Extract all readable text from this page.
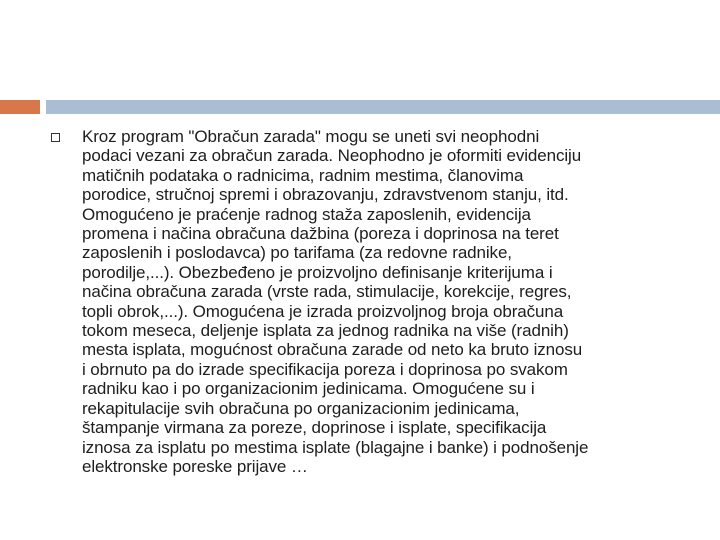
Kroz program "Obračun zarada" mogu se uneti svi neophodni
podaci vezani za obračun zarada. Neophodno je oformiti evidenciju
matičnih podataka o radnicima, radnim mestima, članovima
porodice, stručnoj spremi i obrazovanju, zdravstvenom stanju, itd.
Omogućeno je praćenje radnog staža zaposlenih, evidencija
promena i načina obračuna dažbina (poreza i doprinosa na teret
zaposlenih i poslodavca) po tarifama (za redovne radnike,
porodilje,...). Obezbeđeno je proizvoljno definisanje kriterijuma i
načina obračuna zarada (vrste rada, stimulacije, korekcije, regres,
topli obrok,...). Omogućena je izrada proizvoljnog broja obračuna
tokom meseca, deljenje isplata za jednog radnika na više (radnih)
mesta isplata, mogućnost obračuna zarade od neto ka bruto iznosu
i obrnuto pa do izrade specifikacija poreza i doprinosa po svakom
radniku kao i po organizacionim jedinicama. Omogućene su i
rekapitulacije svih obračuna po organizacionim jedinicama,
štampanje virmana za poreze, doprinose i isplate, specifikacija
iznosa za isplatu po mestima isplate (blagajne i banke) i podnošenje
elektronske poreske prijave …
